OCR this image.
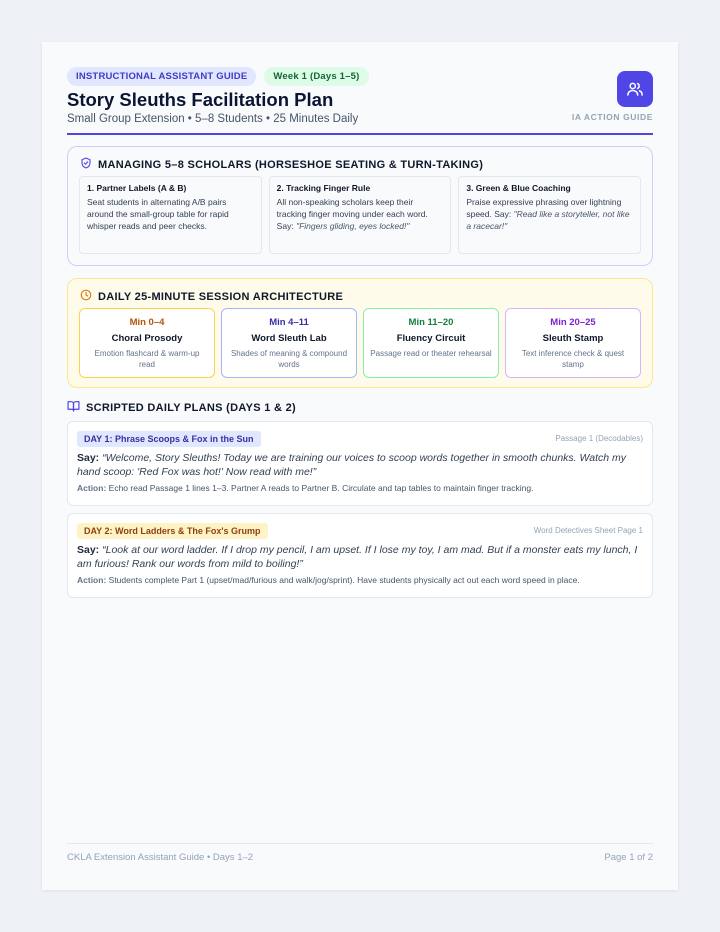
INSTRUCTIONAL ASSISTANT GUIDE	Week 1 (Days 1–5)
Story Sleuths Facilitation Plan
Small Group Extension • 5–8 Students • 25 Minutes Daily	IA ACTION GUIDE
MANAGING 5–8 SCHOLARS (HORSESHOE SEATING & TURN-TAKING)
1. Partner Labels (A & B)
Seat students in alternating A/B pairs around the small-group table for rapid whisper reads and peer checks.
2. Tracking Finger Rule
All non-speaking scholars keep their tracking finger moving under each word. Say: "Fingers gliding, eyes locked!"
3. Green & Blue Coaching
Praise expressive phrasing over lightning speed. Say: "Read like a storyteller, not like a racecar!"
DAILY 25-MINUTE SESSION ARCHITECTURE
Min 0–4
Choral Prosody
Emotion flashcard & warm-up read
Min 4–11
Word Sleuth Lab
Shades of meaning & compound words
Min 11–20
Fluency Circuit
Passage read or theater rehearsal
Min 20–25
Sleuth Stamp
Text inference check & quest stamp
SCRIPTED DAILY PLANS (DAYS 1 & 2)
DAY 1: Phrase Scoops & Fox in the Sun	Passage 1 (Decodables)
Say: “Welcome, Story Sleuths! Today we are training our voices to scoop words together in smooth chunks. Watch my hand scoop: 'Red Fox was hot!' Now read with me!”
Action: Echo read Passage 1 lines 1–3. Partner A reads to Partner B. Circulate and tap tables to maintain finger tracking.
DAY 2: Word Ladders & The Fox's Grump	Word Detectives Sheet Page 1
Say: “Look at our word ladder. If I drop my pencil, I am upset. If I lose my toy, I am mad. But if a monster eats my lunch, I am furious! Rank our words from mild to boiling!”
Action: Students complete Part 1 (upset/mad/furious and walk/jog/sprint). Have students physically act out each word speed in place.
CKLA Extension Assistant Guide • Days 1–2	Page 1 of 2
